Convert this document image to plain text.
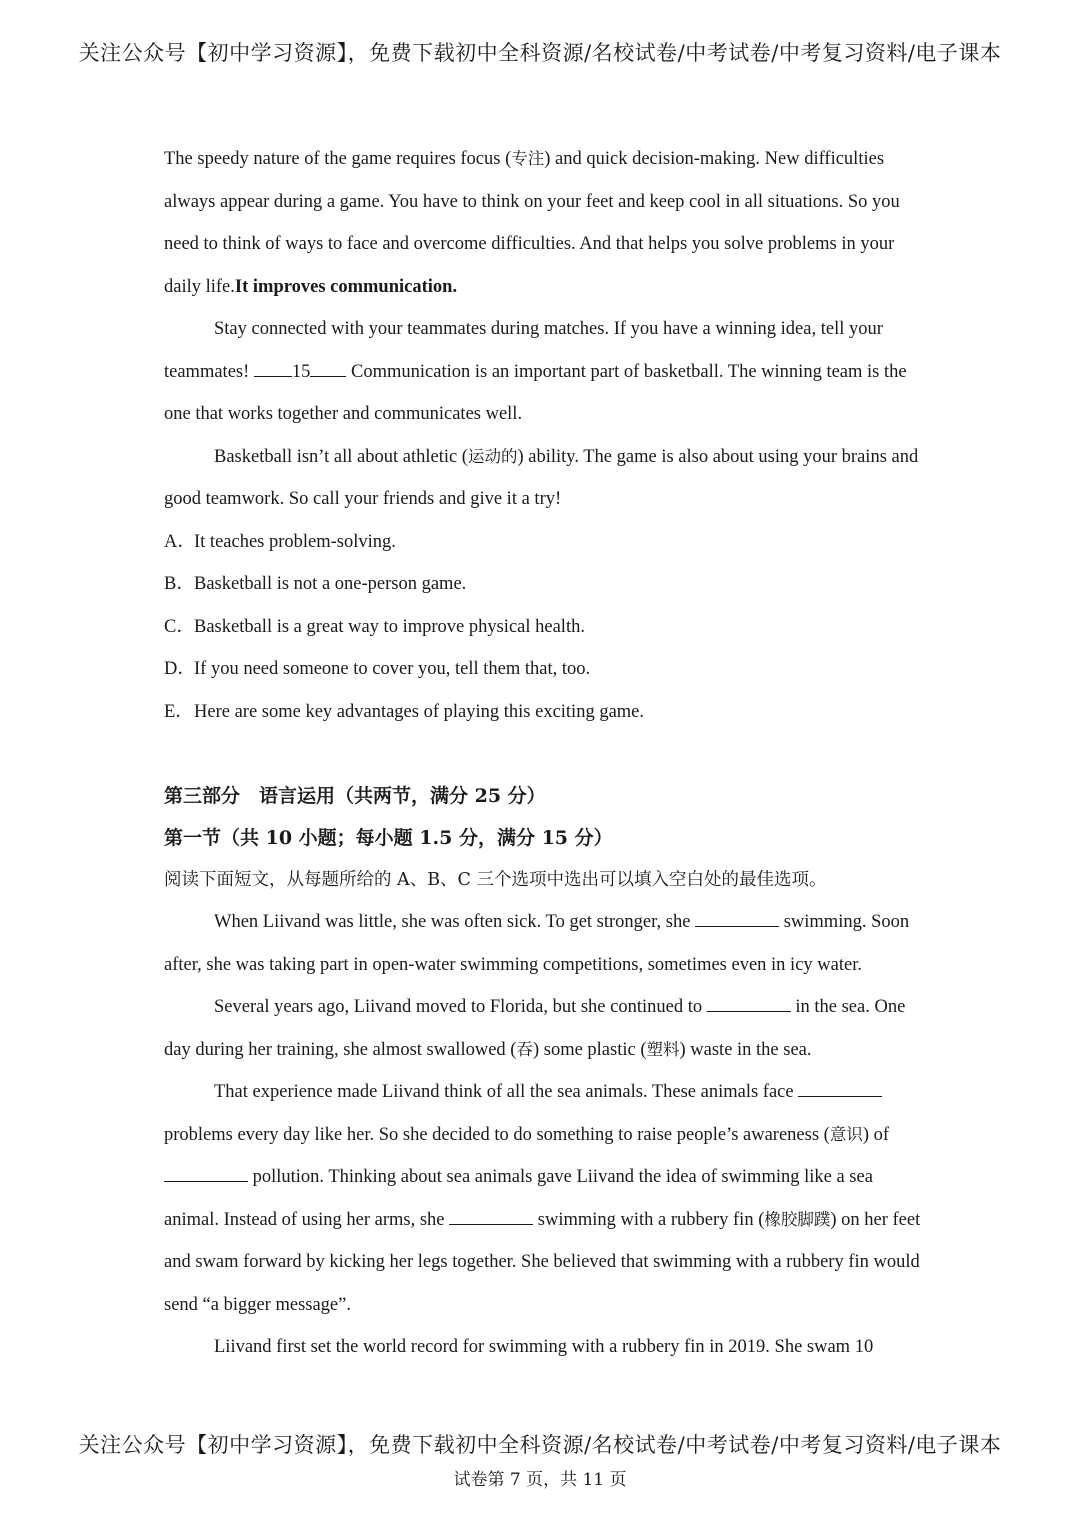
关注公众号【初中学习资源】，免费下载初中全科资源/名校试卷/中考试卷/中考复习资料/电子课本

The speedy nature of the game requires focus (专注) and quick decision-making. New difficulties always appear during a game. You have to think on your feet and keep cool in all situations. So you need to think of ways to face and overcome difficulties. And that helps you solve problems in your daily life.It improves communication.

Stay connected with your teammates during matches. If you have a winning idea, tell your teammates! 15 Communication is an important part of basketball. The winning team is the one that works together and communicates well.

Basketball isn’t all about athletic (运动的) ability. The game is also about using your brains and good teamwork. So call your friends and give it a try!

A．It teaches problem-solving.
B．Basketball is not a one-person game.
C．Basketball is a great way to improve physical health.
D．If you need someone to cover you, tell them that, too.
E．Here are some key advantages of playing this exciting game.

第三部分　语言运用（共两节，满分 25 分）

第一节（共 10 小题；每小题 1.5 分，满分 15 分）

阅读下面短文，从每题所给的 A、B、C 三个选项中选出可以填入空白处的最佳选项。

When Liivand was little, she was often sick. To get stronger, she	swimming. Soon after, she was taking part in open-water swimming competitions, sometimes even in icy water.

Several years ago, Liivand moved to Florida, but she continued to	in the sea. One day during her training, she almost swallowed (吞) some plastic (塑料) waste in the sea.

That experience made Liivand think of all the sea animals. These animals face  problems every day like her. So she decided to do something to raise people’s awareness (意识) of  pollution. Thinking about sea animals gave Liivand the idea of swimming like a sea animal. Instead of using her arms, she	swimming with a rubbery fin (橡胶脚蹼) on her feet and swam forward by kicking her legs together. She believed that swimming with a rubbery fin would send “a bigger message”.

Liivand first set the world record for swimming with a rubbery fin in 2019. She swam 10

关注公众号【初中学习资源】，免费下载初中全科资源/名校试卷/中考试卷/中考复习资料/电子课本
试卷第 7 页，共 11 页
